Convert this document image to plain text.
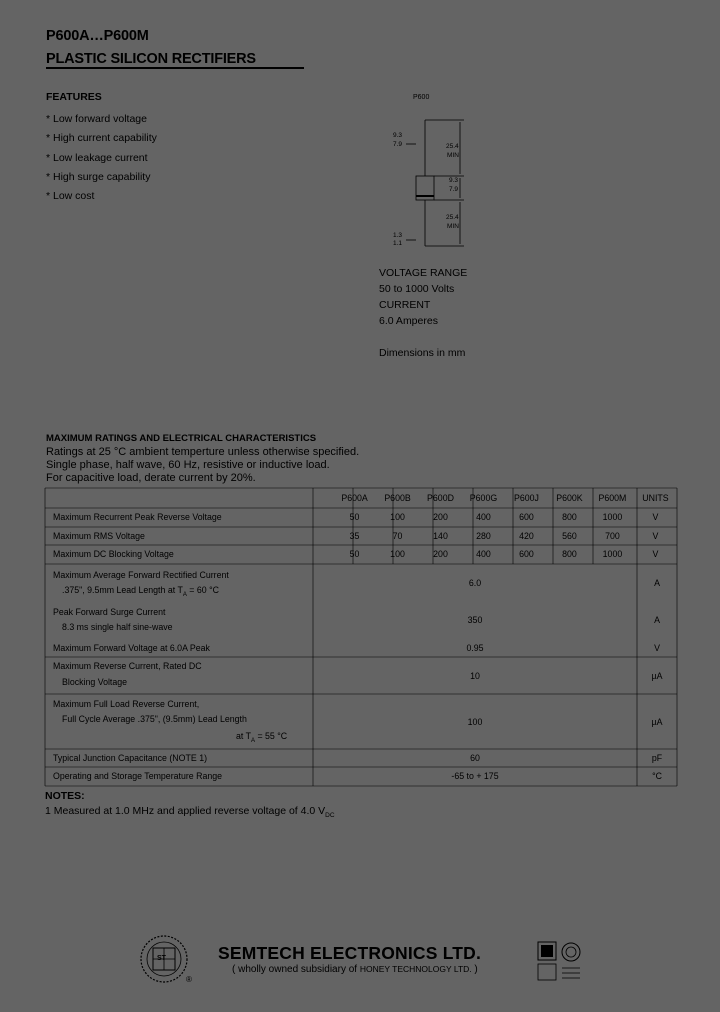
P600A…P600M
PLASTIC SILICON RECTIFIERS
FEATURES
* Low forward voltage
* High current capability
* Low leakage current
* High surge capability
* Low cost
P600
9.3
7.9	25.4
MIN
9.3
7.9
25.4
MIN
1.3
1.1
VOLTAGE RANGE
50 to 1000 Volts
CURRENT
6.0 Amperes
Dimensions in mm
MAXIMUM RATINGS AND ELECTRICAL CHARACTERISTICS
Ratings at 25 °C ambient temperture unless otherwise specified.
Single phase, half wave, 60 Hz, resistive or inductive load.
For capacitive load, derate current by 20%.
	P600A	P600B	P600D	P600G	P600J	P600K	P600M	UNITS
Maximum Recurrent Peak Reverse Voltage	50	100	200	400	600	800	1000	V
Maximum RMS Voltage	35	70	140	280	420	560	700	V
Maximum DC Blocking Voltage	50	100	200	400	600	800	1000	V
Maximum Average Forward Rectified Current
.375", 9.5mm Lead Length at $T_A = 60$ °C
6.0	A
Peak Forward Surge Current
8.3 ms single half sine-wave
350	A
Maximum Forward Voltage at 6.0A Peak	0.95	V
Maximum Reverse Current, Rated DC
Blocking Voltage
10	µA
Maximum Full Load Reverse Current,
Full Cycle Average .375", (9.5mm) Lead Length
at $T_A = 55$ °C
100	µA
Typical Junction Capacitance (NOTE 1)	60	pF
Operating and Storage Temperature Range	-65 to + 175	°C
NOTES:
1 Measured at 1.0 MHz and applied reverse voltage of 4.0 $V_{DC}$
ST
®
SEMTECH ELECTRONICS LTD.
( wholly owned subsidiary of HONEY TECHNOLOGY LTD. )
